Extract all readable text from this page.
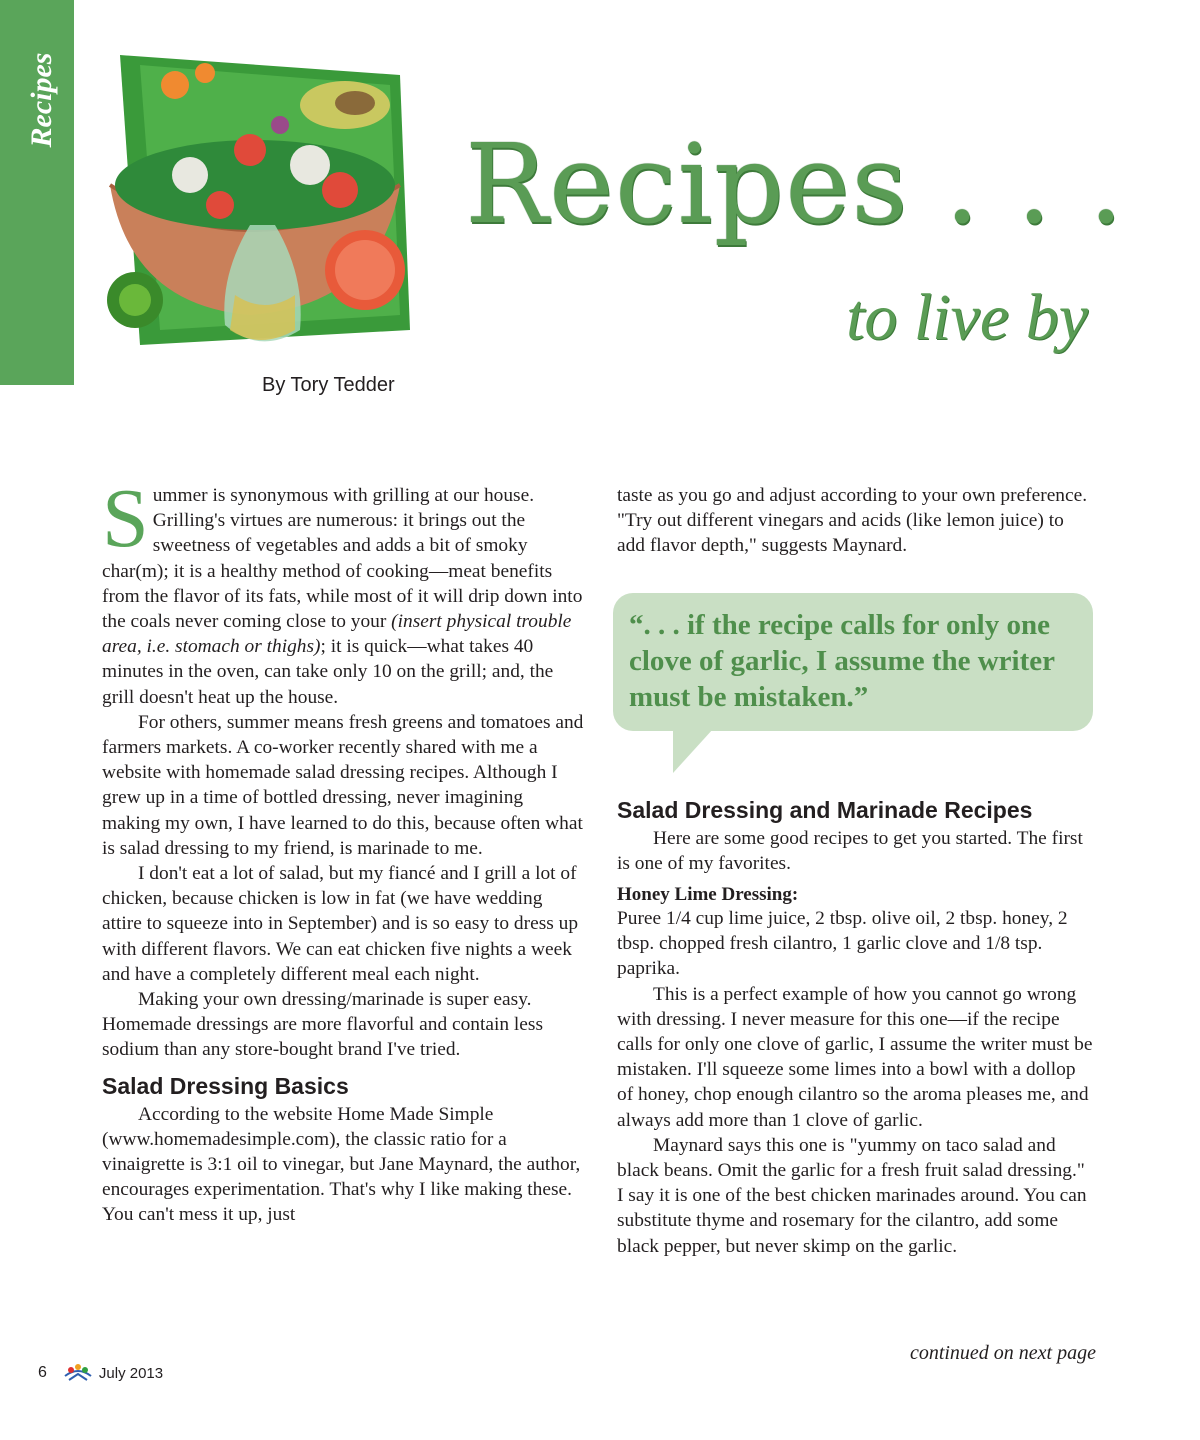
Recipes
Recipes . . .
to live by
By Tory Tedder

Summer is synonymous with grilling at our house. Grilling's virtues are numerous: it brings out the sweetness of vegetables and adds a bit of smoky char(m); it is a healthy method of cooking—meat benefits from the flavor of its fats, while most of it will drip down into the coals never coming close to your (insert physical trouble area, i.e. stomach or thighs); it is quick—what takes 40 minutes in the oven, can take only 10 on the grill; and, the grill doesn't heat up the house.

For others, summer means fresh greens and tomatoes and farmers markets. A co-worker recently shared with me a website with homemade salad dressing recipes. Although I grew up in a time of bottled dressing, never imagining making my own, I have learned to do this, because often what is salad dressing to my friend, is marinade to me.

I don't eat a lot of salad, but my fiancé and I grill a lot of chicken, because chicken is low in fat (we have wedding attire to squeeze into in September) and is so easy to dress up with different flavors. We can eat chicken five nights a week and have a completely different meal each night.

Making your own dressing/marinade is super easy. Homemade dressings are more flavorful and contain less sodium than any store-bought brand I've tried.

Salad Dressing Basics

According to the website Home Made Simple (www.homemadesimple.com), the classic ratio for a vinaigrette is 3:1 oil to vinegar, but Jane Maynard, the author, encourages experimentation. That's why I like making these. You can't mess it up, just

taste as you go and adjust according to your own preference. "Try out different vinegars and acids (like lemon juice) to add flavor depth," suggests Maynard.

“. . . if the recipe calls for only one clove of garlic, I assume the writer must be mistaken.”
Salad Dressing and Marinade Recipes

Here are some good recipes to get you started. The first is one of my favorites.

Honey Lime Dressing:

Puree 1/4 cup lime juice, 2 tbsp. olive oil, 2 tbsp. honey, 2 tbsp. chopped fresh cilantro, 1 garlic clove and 1/8 tsp. paprika.

This is a perfect example of how you cannot go wrong with dressing. I never measure for this one—if the recipe calls for only one clove of garlic, I assume the writer must be mistaken. I'll squeeze some limes into a bowl with a dollop of honey, chop enough cilantro so the aroma pleases me, and always add more than 1 clove of garlic.

Maynard says this one is "yummy on taco salad and black beans. Omit the garlic for a fresh fruit salad dressing." I say it is one of the best chicken marinades around. You can substitute thyme and rosemary for the cilantro, add some black pepper, but never skimp on the garlic.

continued on next page
6	July 2013
